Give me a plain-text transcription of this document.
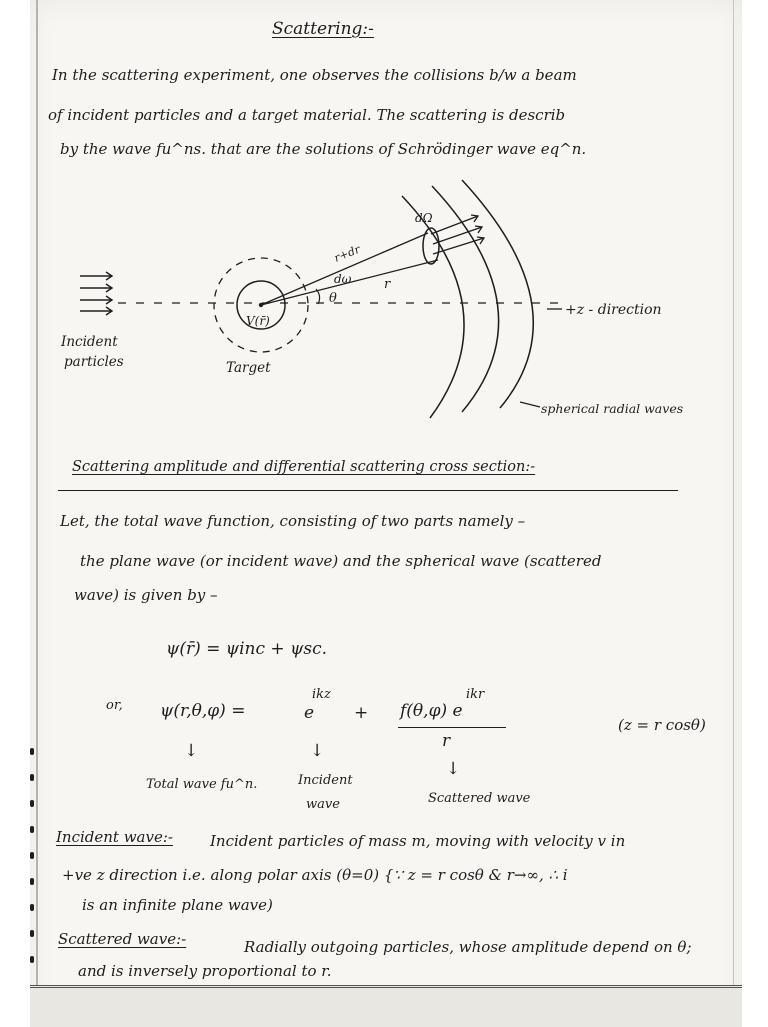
Scattering:-
In the scattering experiment, one observes the collisions b/w a beam
of incident particles and a target material. The scattering is describ
by the wave fu^ns. that are the solutions of Schrödinger wave eq^n.
dΩ
r+dr
dω	r
θ
V(r̄)
+z - direction
Incident
particles	Target
spherical radial waves
Scattering amplitude and differential scattering cross section:-
Let, the total wave function, consisting of two parts namely –
the plane wave (or incident wave) and the spherical wave (scattered
wave) is given by –
ψ(r̄) = ψinc + ψsc.
or, ψ(r,θ,φ) =	e
ikz
+ f(θ,φ) e
ikr
r
(z = r cosθ)
↓	↓
↓
Total wave fu^n.	Incident
wave	Scattered wave
Incident wave:- Incident particles of mass m, moving with velocity v in
+ve z direction i.e. along polar axis (θ=0) {∵ z = r cosθ & r→∞, ∴ i
is an infinite plane wave)
Scattered wave:-	Radially outgoing particles, whose amplitude depend on θ;
and is inversely proportional to r.
